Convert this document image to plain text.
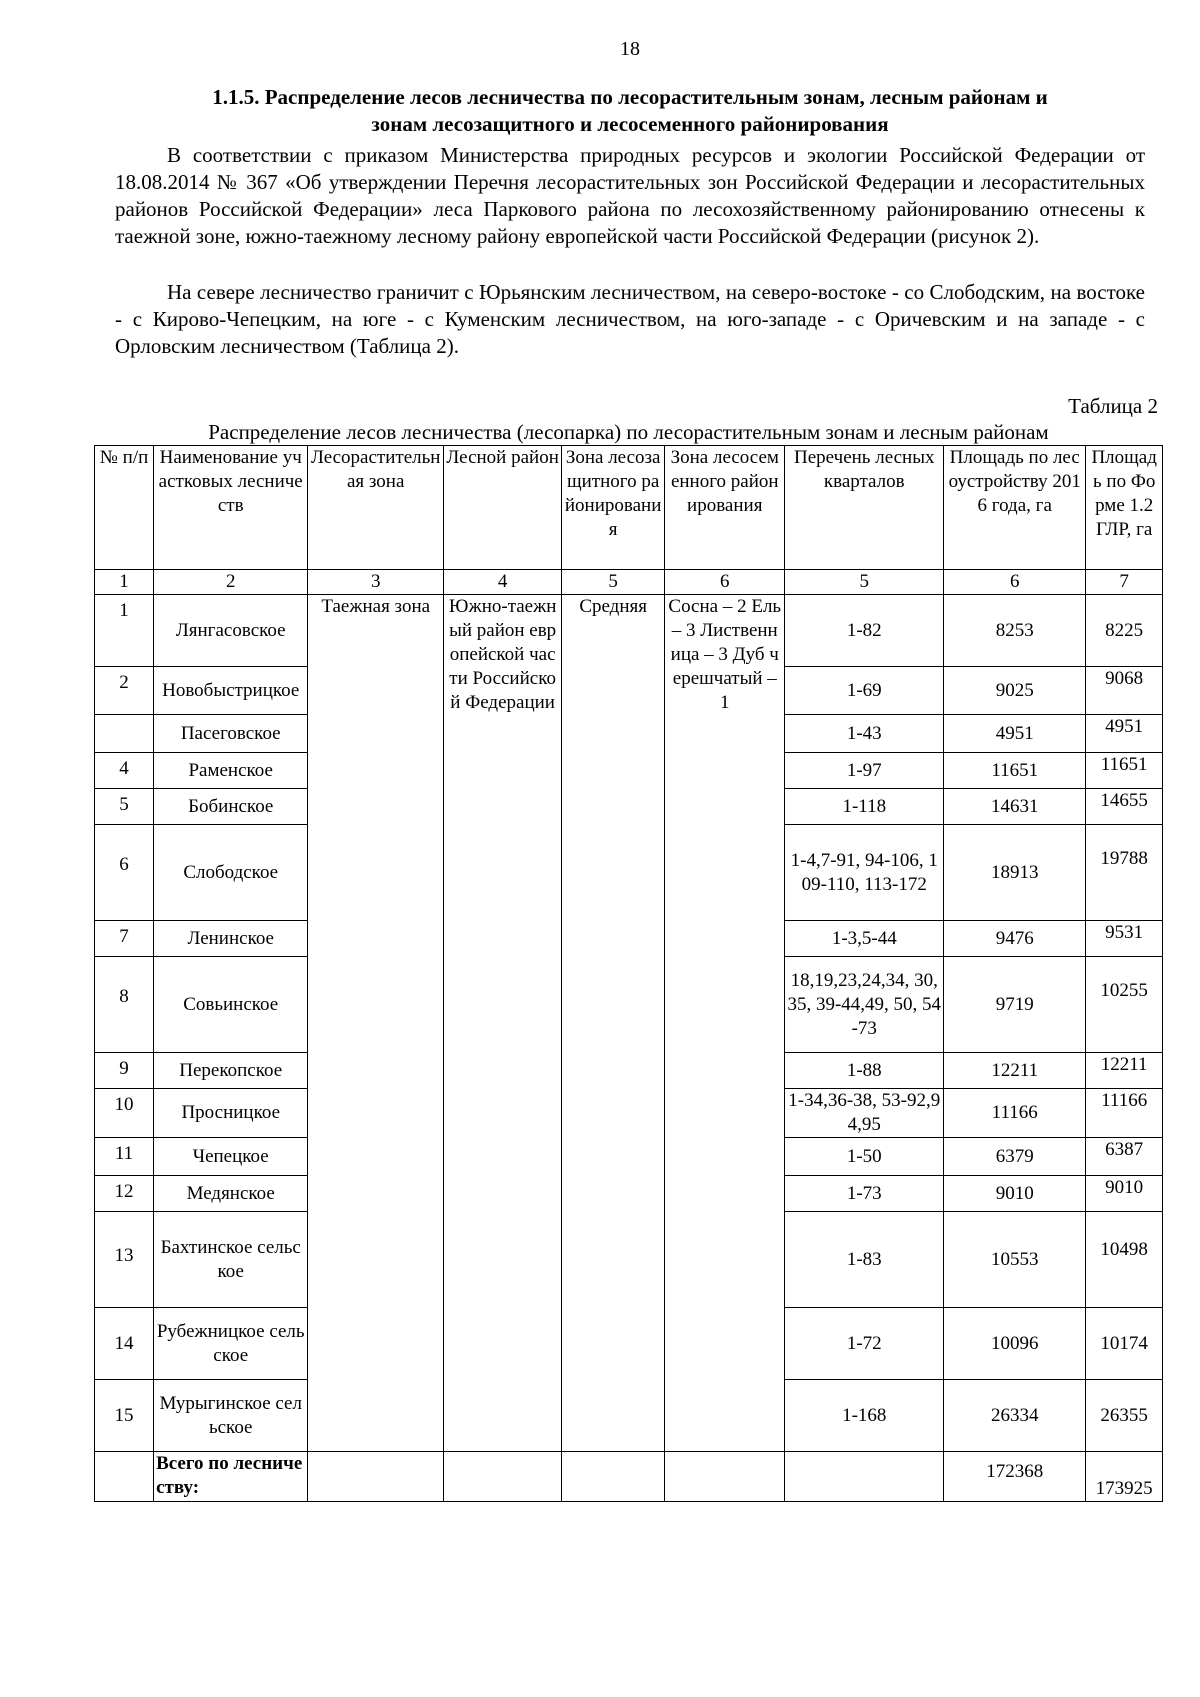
18
1.1.5. Распределение лесов лесничества по лесорастительным зонам, лесным районам и
зонам лесозащитного и лесосеменного районирования

В соответствии с приказом Министерства природных ресурсов и экологии Российской Федерации от 18.08.2014 № 367 «Об утверждении Перечня лесорастительных зон Российской Федерации и лесорастительных районов Российской Федерации» леса Паркового района по лесохозяйственному районированию отнесены к таежной зоне, южно-таежному лесному району европейской части Российской Федерации (рисунок 2).

На севере лесничество граничит с Юрьянским лесничеством, на северо-востоке - со Слободским, на востоке - с Кирово-Чепецким, на юге - с Куменским лесничеством, на юго-западе - с Оричевским и на западе - с Орловским лесничеством (Таблица 2).

Таблица 2
Распределение лесов лесничества (лесопарка) по лесорастительным зонам и лесным районам
№ п/п	Наименование участковых лесничеств	Лесорастительная зона	Лесной район	Зона лесозащитного районирования	Зона лесосеменного районирования	Перечень лесных кварталов	Площадь по лесоустройству 2016 года, га	Площадь по Форме 1.2 ГЛР, га
1	2	3	4	5	6	5	6	7
1	Лянгасовское	Таежная зона	Южно-таежный район европейской части Российской Федерации	Средняя	Сосна – 2 Ель – 3 Лиственница – 3 Дуб черешчатый – 1	1-82	8253	8225
2	Новобыстрицкое					1-69	9025	9068
	Пасеговское					1-43	4951	4951
4	Раменское					1-97	11651	11651
5	Бобинское					1-118	14631	14655
6	Слободское					1-4,7-91, 94-106, 109-110, 113-172	18913	19788
7	Ленинское					1-3,5-44	9476	9531
8	Совьинское					18,19,23,24,34, 30,35, 39-44,49, 50, 54-73	9719	10255
9	Перекопское					1-88	12211	12211
10	Просницкое					1-34,36-38, 53-92,94,95	11166	11166
11	Чепецкое					1-50	6379	6387
12	Медянское					1-73	9010	9010
13	Бахтинское сельское					1-83	10553	10498
14	Рубежницкое сельское					1-72	10096	10174
15	Мурыгинское сельское					1-168	26334	26355
	Всего по лесничеству:						172368	173925
